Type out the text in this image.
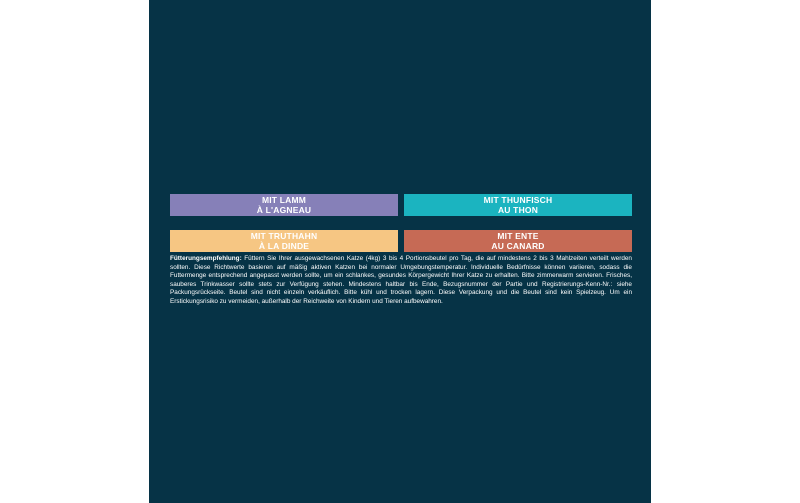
MIT LAMM
À L'AGNEAU
MIT THUNFISCH
AU THON
MIT TRUTHAHN
À LA DINDE
MIT ENTE
AU CANARD

Fütterungsempfehlung: Füttern Sie Ihrer ausgewachsenen Katze (4kg) 3 bis 4 Portionsbeutel pro Tag, die auf mindestens 2 bis 3 Mahlzeiten verteilt werden sollten. Diese Richtwerte basieren auf mäßig aktiven Katzen bei normaler Umgebungstemperatur. Individuelle Bedürfnisse können variieren, sodass die Futtermenge entsprechend angepasst werden sollte, um ein schlankes, gesundes Körpergewicht Ihrer Katze zu erhalten. Bitte zimmerwarm servieren. Frisches, sauberes Trinkwasser sollte stets zur Verfügung stehen. Mindestens haltbar bis Ende, Bezugsnummer der Partie und Registrierungs-Kenn-Nr.: siehe Packungsrückseite. Beutel sind nicht einzeln verkäuflich. Bitte kühl und trocken lagern. Diese Verpackung und die Beutel sind kein Spielzeug. Um ein Erstickungsrisiko zu vermeiden, außerhalb der Reichweite von Kindern und Tieren aufbewahren.
